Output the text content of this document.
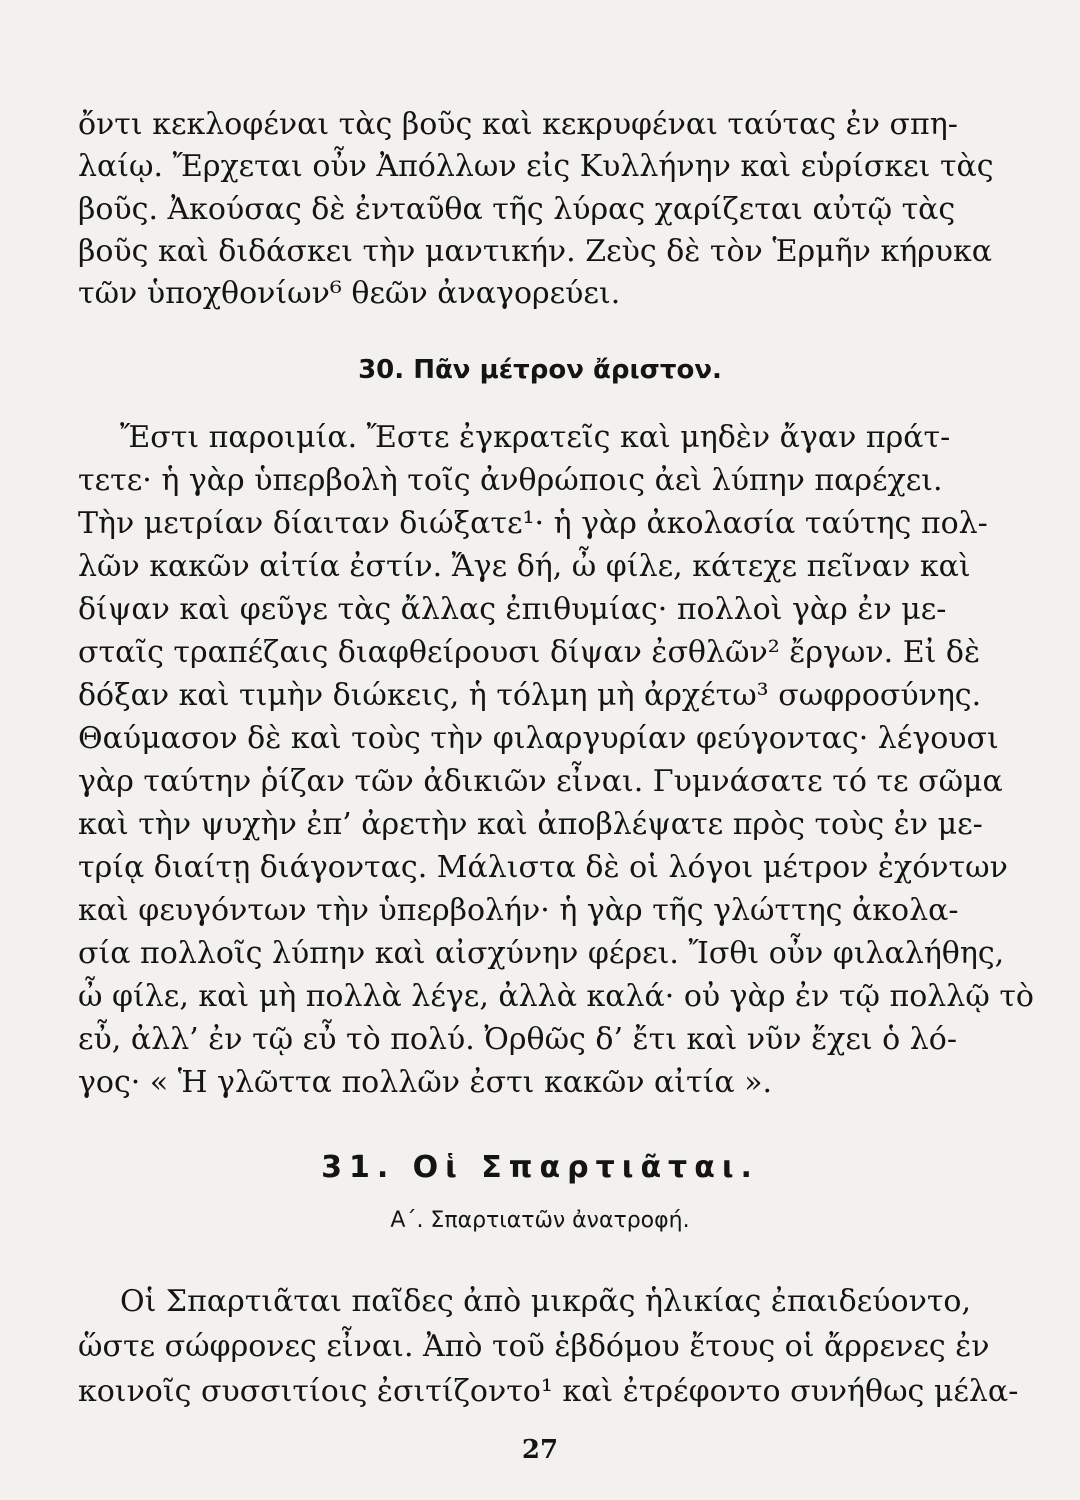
ὄντι κεκλοφέναι τὰς βοῦς καὶ κεκρυφέναι ταύτας ἐν σπη-
λαίῳ. Ἔρχεται οὖν Ἀπόλλων εἰς Κυλλήνην καὶ εὑρίσκει τὰς
βοῦς. Ἀκούσας δὲ ἐνταῦθα τῆς λύρας χαρίζεται αὐτῷ τὰς
βοῦς καὶ διδάσκει τὴν μαντικήν. Ζεὺς δὲ τὸν Ἑρμῆν κήρυκα
τῶν ὑποχθονίων⁶ θεῶν ἀναγορεύει.
30. Πᾶν μέτρον ἄριστον.
Ἔστι παροιμία. Ἔστε ἐγκρατεῖς καὶ μηδὲν ἄγαν πράτ-
τετε· ἡ γὰρ ὑπερβολὴ τοῖς ἀνθρώποις ἀεὶ λύπην παρέχει.
Τὴν μετρίαν δίαιταν διώξατε¹· ἡ γὰρ ἀκολασία ταύτης πολ-
λῶν κακῶν αἰτία ἐστίν. Ἄγε δή, ὦ φίλε, κάτεχε πεῖναν καὶ
δίψαν καὶ φεῦγε τὰς ἄλλας ἐπιθυμίας· πολλοὶ γὰρ ἐν με-
σταῖς τραπέζαις διαφθείρουσι δίψαν ἐσθλῶν² ἔργων. Εἰ δὲ
δόξαν καὶ τιμὴν διώκεις, ἡ τόλμη μὴ ἀρχέτω³ σωφροσύνης.
Θαύμασον δὲ καὶ τοὺς τὴν φιλαργυρίαν φεύγοντας· λέγουσι
γὰρ ταύτην ῥίζαν τῶν ἀδικιῶν εἶναι. Γυμνάσατε τό τε σῶμα
καὶ τὴν ψυχὴν ἐπ’ ἀρετὴν καὶ ἀποβλέψατε πρὸς τοὺς ἐν με-
τρίᾳ διαίτῃ διάγοντας. Μάλιστα δὲ οἱ λόγοι μέτρον ἐχόντων
καὶ φευγόντων τὴν ὑπερβολήν· ἡ γὰρ τῆς γλώττης ἀκολα-
σία πολλοῖς λύπην καὶ αἰσχύνην φέρει. Ἴσθι οὖν φιλαλήθης,
ὦ φίλε, καὶ μὴ πολλὰ λέγε, ἀλλὰ καλά· οὐ γὰρ ἐν τῷ πολλῷ τὸ
εὖ, ἀλλ’ ἐν τῷ εὖ τὸ πολύ. Ὀρθῶς δ’ ἔτι καὶ νῦν ἔχει ὁ λό-
γος· « Ἡ γλῶττα πολλῶν ἐστι κακῶν αἰτία ».
31. Οἱ Σπαρτιᾶται.
Α΄. Σπαρτιατῶν ἀνατροφή.
Οἱ Σπαρτιᾶται παῖδες ἀπὸ μικρᾶς ἡλικίας ἐπαιδεύοντο,
ὥστε σώφρονες εἶναι. Ἀπὸ τοῦ ἑβδόμου ἔτους οἱ ἄρρενες ἐν
κοινοῖς συσσιτίοις ἐσιτίζοντο¹ καὶ ἐτρέφοντο συνήθως μέλα-
27
